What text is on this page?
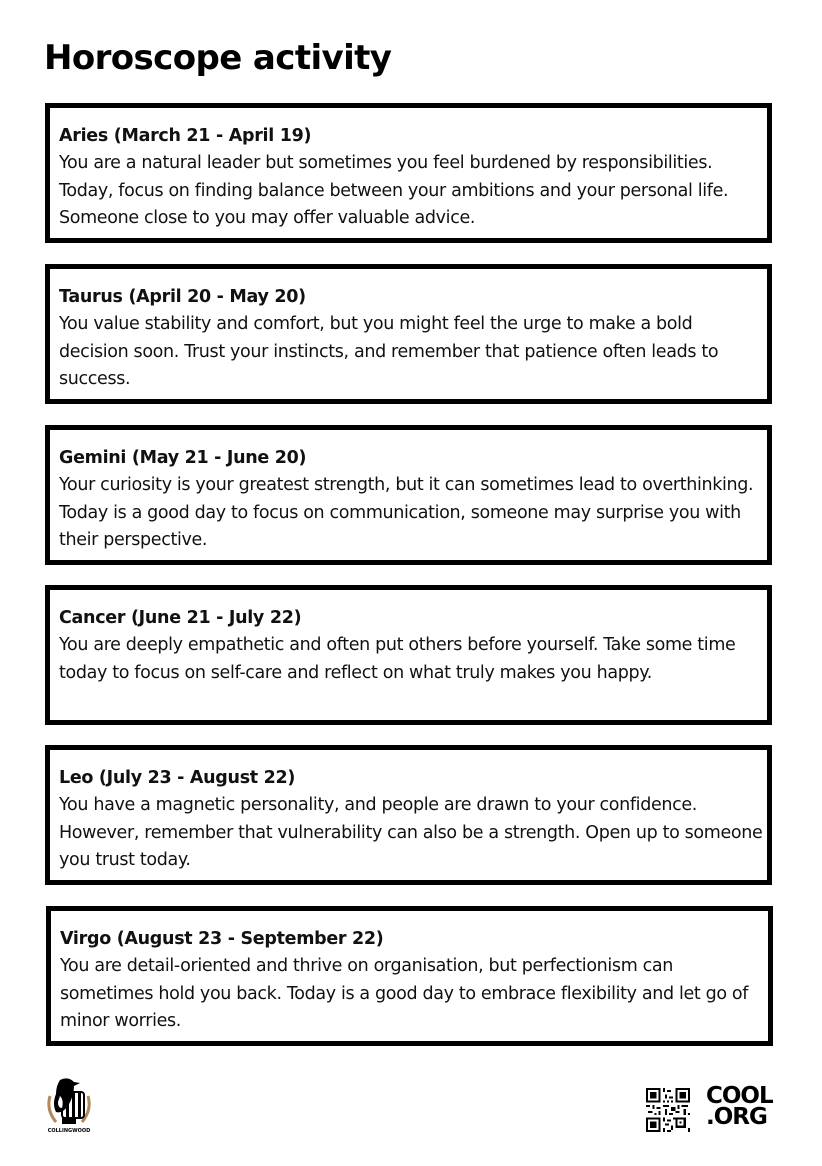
Horoscope activity
Aries (March 21 - April 19)
You are a natural leader but sometimes you feel burdened by responsibilities. Today, focus on finding balance between your ambitions and your personal life. Someone close to you may offer valuable advice.
Taurus (April 20 - May 20)
You value stability and comfort, but you might feel the urge to make a bold decision soon. Trust your instincts, and remember that patience often leads to success.
Gemini (May 21 - June 20)
Your curiosity is your greatest strength, but it can sometimes lead to overthinking. Today is a good day to focus on communication, someone may surprise you with their perspective.
Cancer (June 21 - July 22)
You are deeply empathetic and often put others before yourself. Take some time today to focus on self-care and reflect on what truly makes you happy.
Leo (July 23 - August 22)
You have a magnetic personality, and people are drawn to your confidence. However, remember that vulnerability can also be a strength. Open up to someone you trust today.
Virgo (August 23 - September 22)
You are detail-oriented and thrive on organisation, but perfectionism can sometimes hold you back. Today is a good day to embrace flexibility and let go of minor worries.
COLLINGWOOD
COOL
.ORG
